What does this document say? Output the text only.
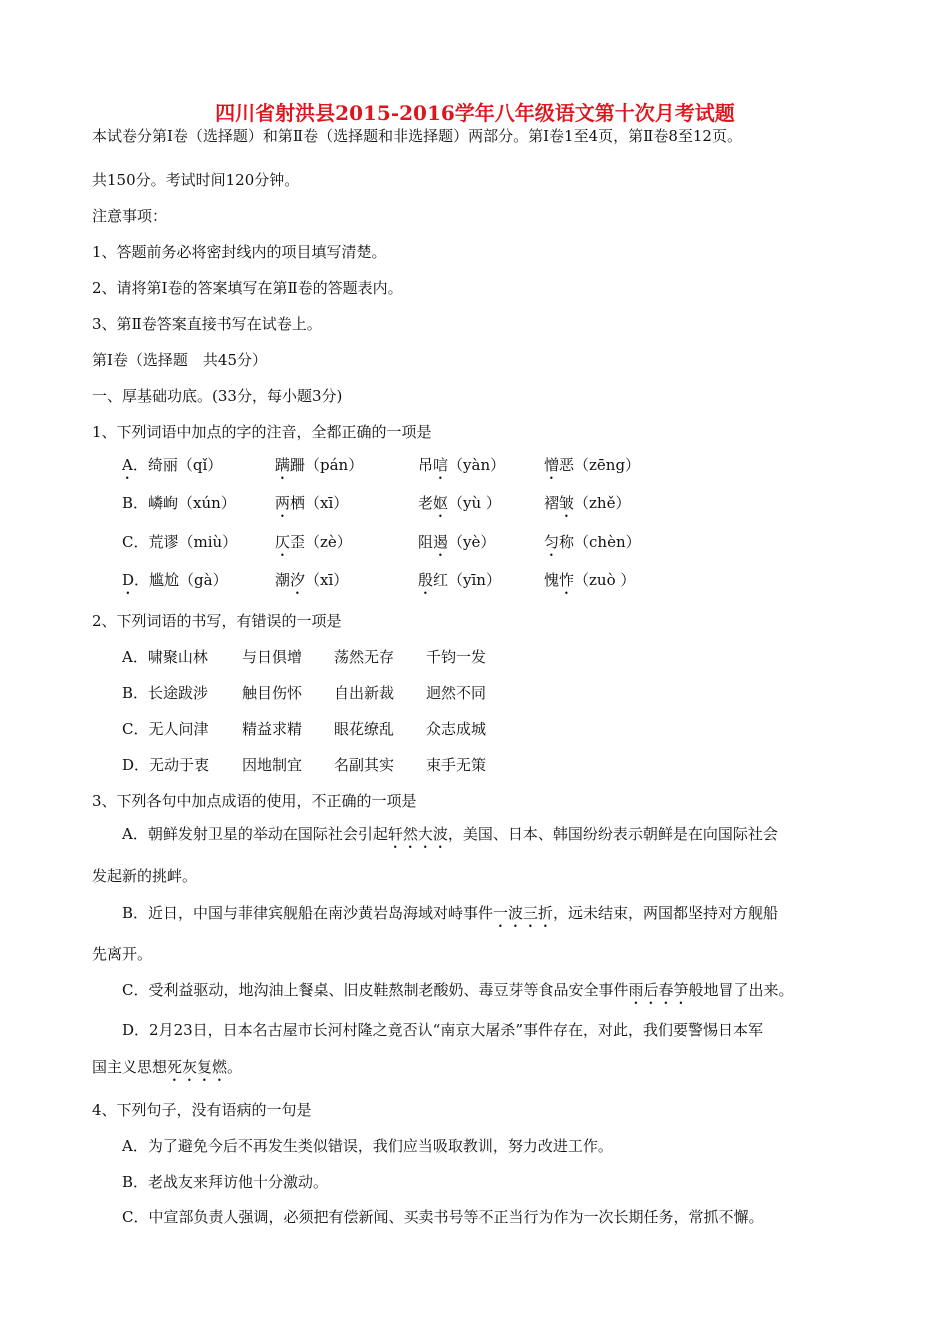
四川省射洪县2015-2016学年八年级语文第十次月考试题
本试卷分第Ⅰ卷（选择题）和第Ⅱ卷（选择题和非选择题）两部分。第Ⅰ卷1至4页，第Ⅱ卷8至12页。
共150分。考试时间120分钟。
注意事项：
1、答题前务必将密封线内的项目填写清楚。
2、请将第Ⅰ卷的答案填写在第Ⅱ卷的答题表内。
3、第Ⅱ卷答案直接书写在试卷上。
第Ⅰ卷（选择题　共45分）
一、厚基础功底。(33分，每小题3分)
1、下列词语中加点的字的注音，全都正确的一项是
A．绮丽（qǐ）	蹒跚（pán）	吊唁（yàn）	憎恶（zēng）
B．嶙峋（xún）	两栖（xī）	老妪（yù ）	褶皱（zhě）
C．荒谬（miù）	仄歪（zè）	阻遏（yè）	匀称（chèn）
D．尴尬（gà）	潮汐（xī）	殷红（yīn）	愧怍（zuò ）
2、下列词语的书写，有错误的一项是
A．啸聚山林 与日俱增 荡然无存 千钧一发
B．长途跋涉 触目伤怀 自出新裁 迥然不同
C．无人问津 精益求精 眼花缭乱 众志成城
D．无动于衷 因地制宜 名副其实 束手无策
3、下列各句中加点成语的使用，不正确的一项是
A．朝鲜发射卫星的举动在国际社会引起轩然大波，美国、日本、韩国纷纷表示朝鲜是在向国际社会
发起新的挑衅。
B．近日，中国与菲律宾舰船在南沙黄岩岛海域对峙事件一波三折，远未结束，两国都坚持对方舰船
先离开。
C．受利益驱动，地沟油上餐桌、旧皮鞋熬制老酸奶、毒豆芽等食品安全事件雨后春笋般地冒了出来。
D．2月23日，日本名古屋市长河村隆之竟否认“南京大屠杀”事件存在，对此，我们要警惕日本军
国主义思想死灰复燃。
4、下列句子，没有语病的一句是
A．为了避免今后不再发生类似错误，我们应当吸取教训，努力改进工作。
B．老战友来拜访他十分激动。
C．中宣部负责人强调，必须把有偿新闻、买卖书号等不正当行为作为一次长期任务，常抓不懈。
